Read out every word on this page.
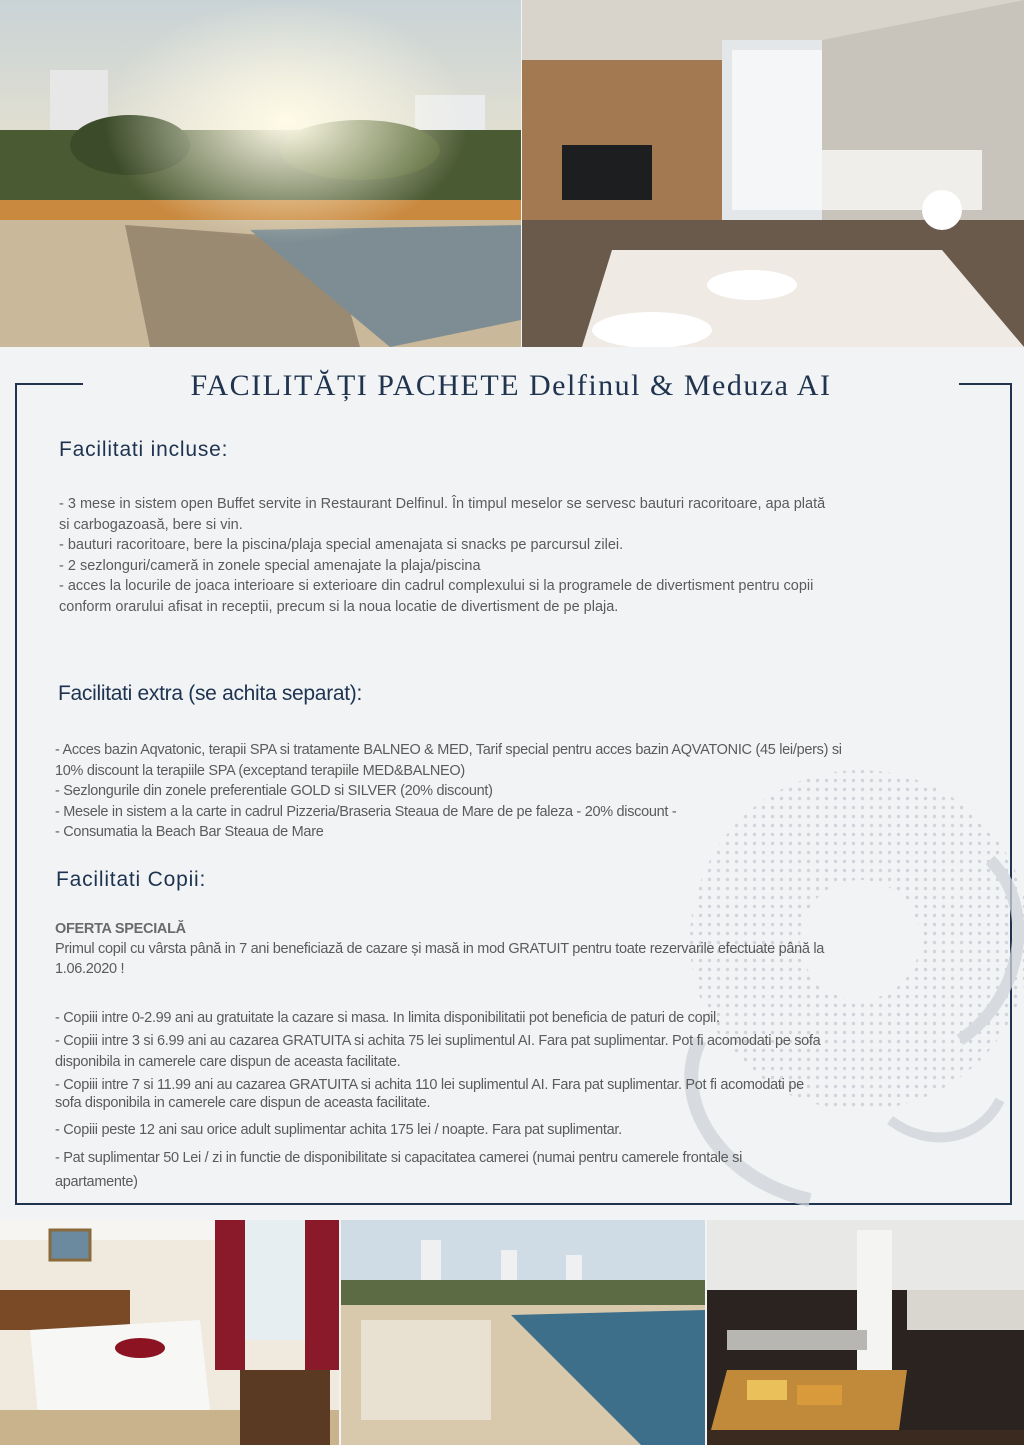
FACILITĂȚI PACHETE Delfinul & Meduza AI
Facilitati incluse:
- 3 mese in sistem open Buffet servite in Restaurant Delfinul. În timpul meselor se servesc bauturi racoritoare, apa plată
si carbogazoasă, bere si vin.
- bauturi racoritoare, bere la piscina/plaja special amenajata si snacks pe parcursul zilei.
- 2 sezlonguri/cameră in zonele special amenajate la plaja/piscina
- acces la locurile de joaca interioare si exterioare din cadrul complexului si la programele de divertisment pentru copii
conform orarului afisat in receptii, precum si la noua locatie de divertisment de pe plaja.
Facilitati extra (se achita separat):
- Acces bazin Aqvatonic, terapii SPA si tratamente BALNEO & MED, Tarif special pentru acces bazin AQVATONIC (45 lei/pers) si
10% discount la terapiile SPA (exceptand terapiile MED&BALNEO)
- Sezlongurile din zonele preferentiale GOLD si SILVER (20% discount)
- Mesele in sistem a la carte in cadrul Pizzeria/Braseria Steaua de Mare de pe faleza - 20% discount -
- Consumatia la Beach Bar Steaua de Mare
Facilitati Copii:
OFERTA SPECIALĂ
Primul copil cu vârsta până in 7 ani beneficiază de cazare și masă in mod GRATUIT pentru toate rezervarile efectuate până la
1.06.2020 !
- Copiii intre 0-2.99 ani au gratuitate la cazare si masa. In limita disponibilitatii pot beneficia de paturi de copil.
- Copiii intre 3 si 6.99 ani au cazarea GRATUITA si achita 75 lei suplimentul AI. Fara pat suplimentar. Pot fi acomodati pe sofa
disponibila in camerele care dispun de aceasta facilitate.
- Copiii intre 7 si 11.99 ani au cazarea GRATUITA si achita 110 lei suplimentul AI. Fara pat suplimentar. Pot fi acomodati pe
sofa disponibila in camerele care dispun de aceasta facilitate.
- Copiii peste 12 ani sau orice adult suplimentar achita 175 lei / noapte. Fara pat suplimentar.
- Pat suplimentar 50 Lei / zi in functie de disponibilitate si capacitatea camerei (numai pentru camerele frontale si
apartamente)
